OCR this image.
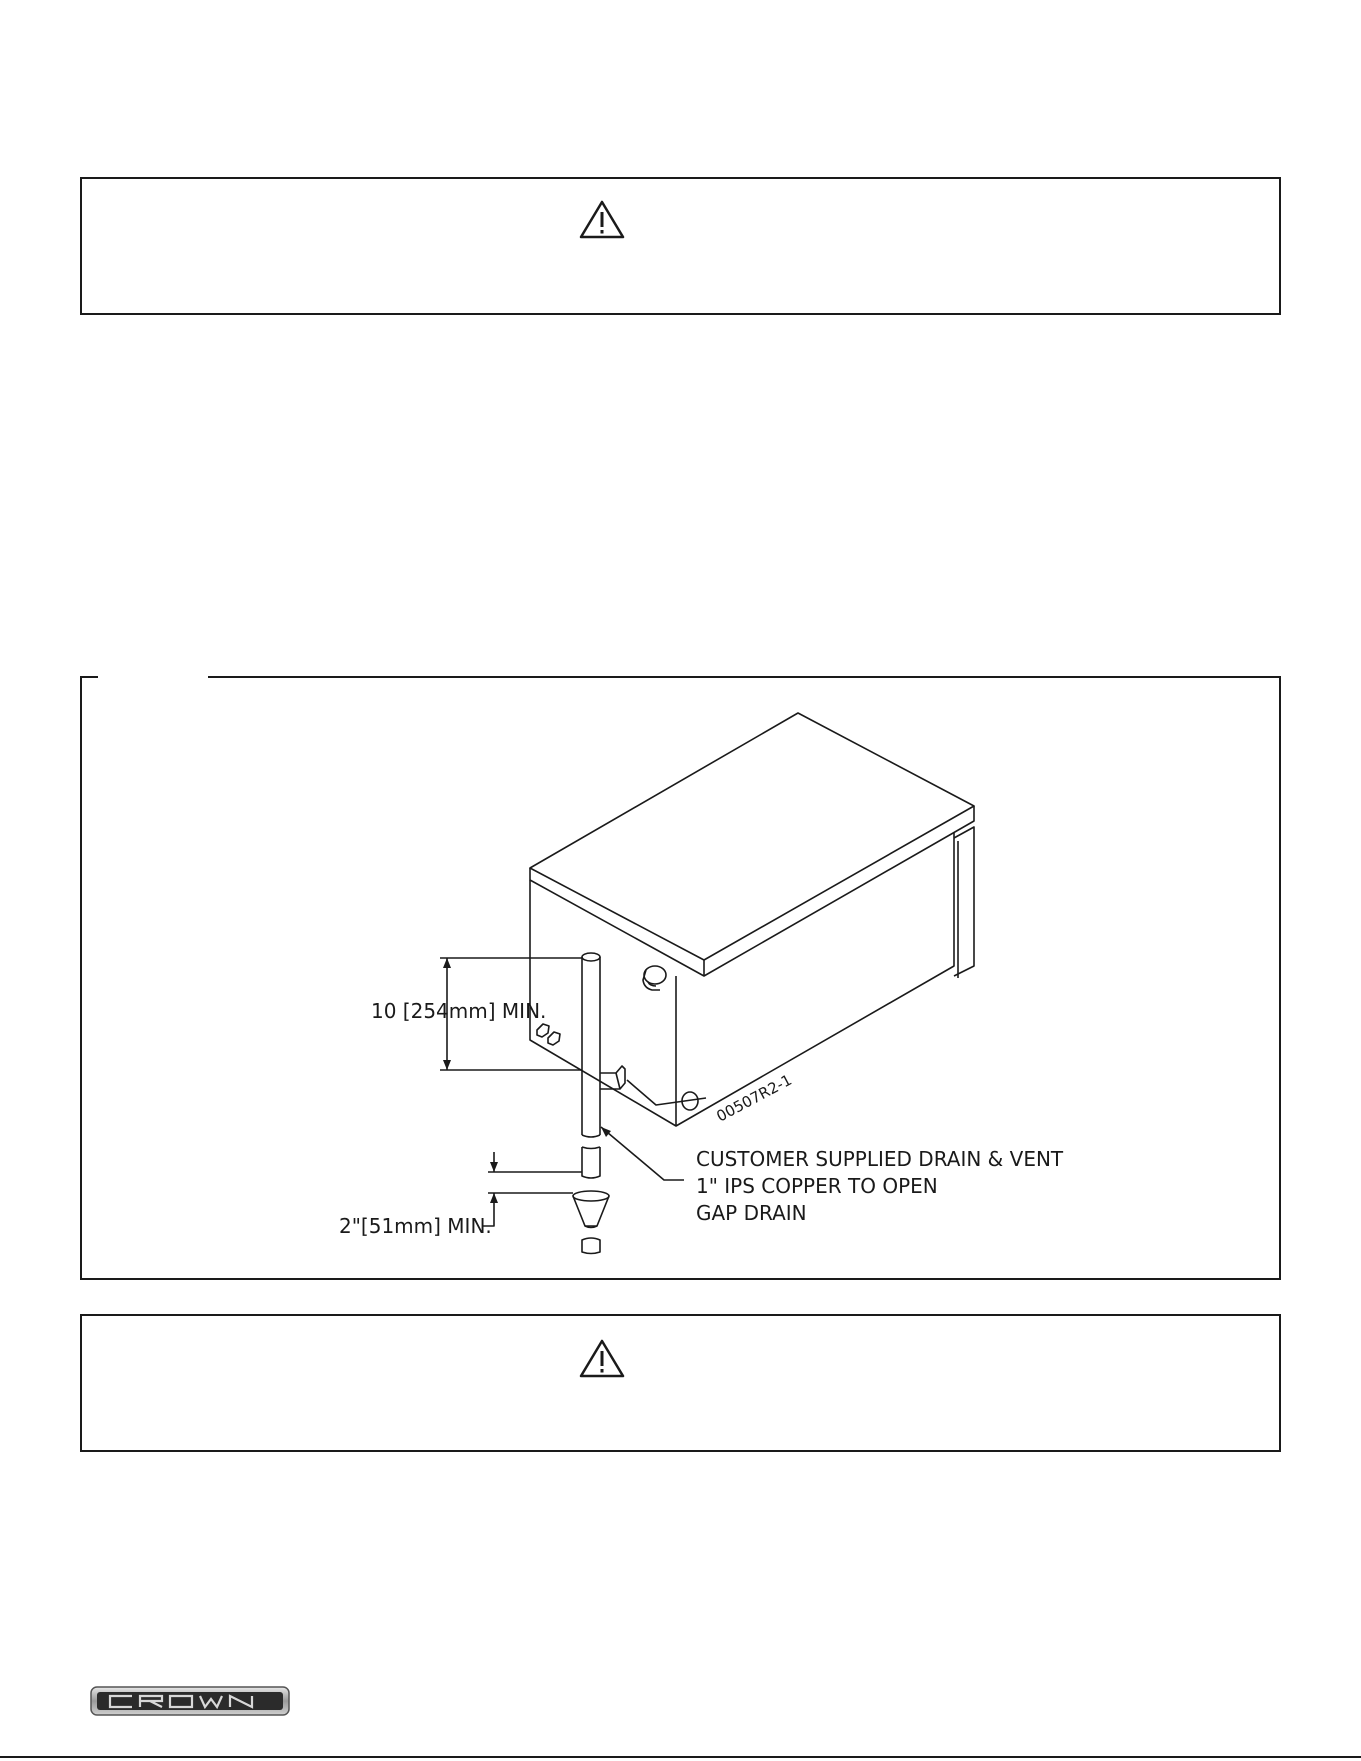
10 [254mm] MIN.
2"[51mm] MIN.
CUSTOMER SUPPLIED DRAIN & VENT
1" IPS COPPER TO OPEN
GAP DRAIN
00507R2-1
CROWN
